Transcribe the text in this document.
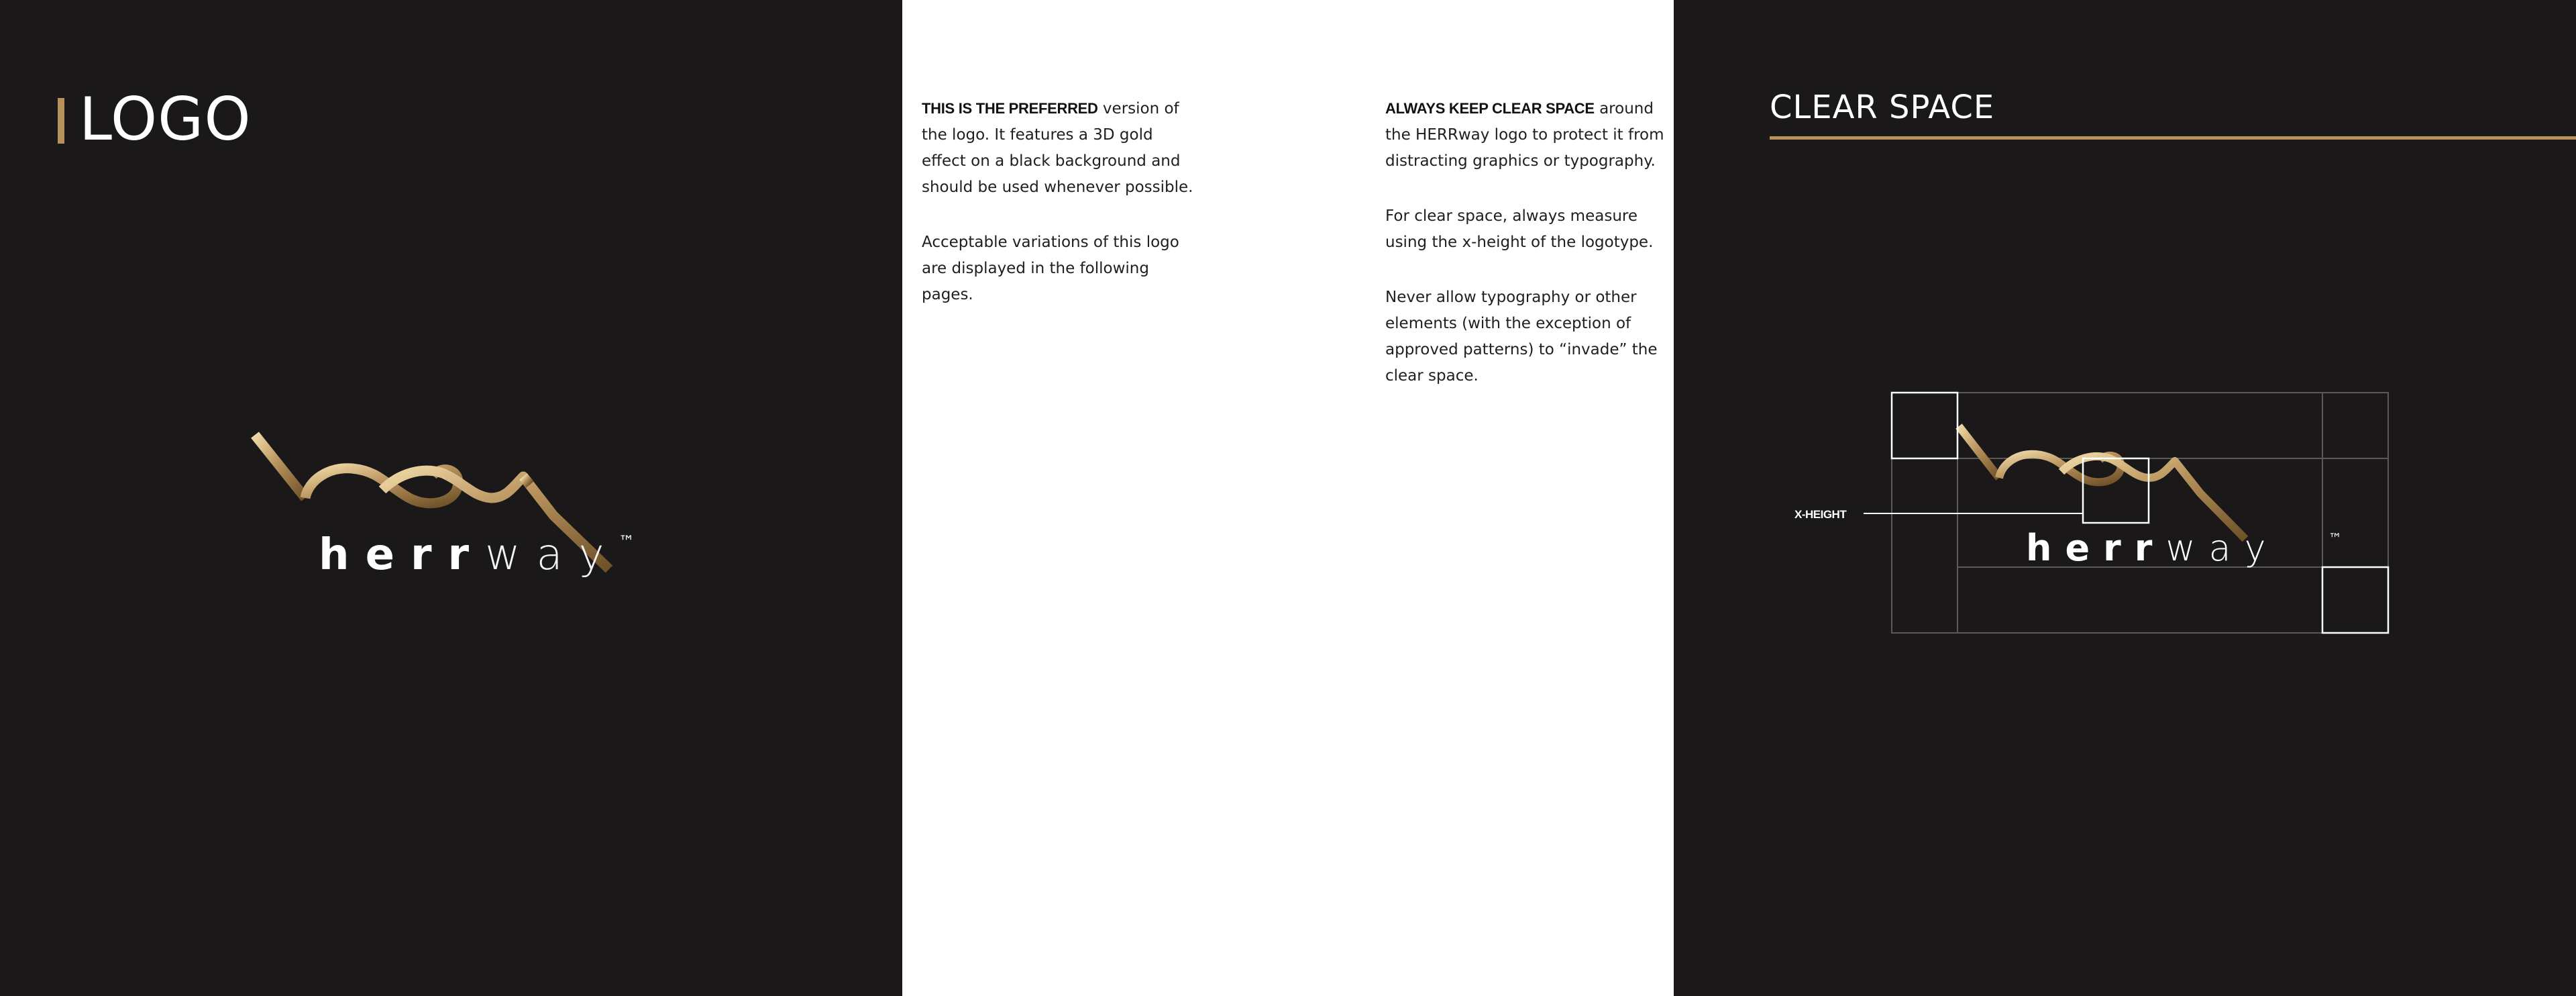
LOGO
herrway
™

THIS IS THE PREFERRED version of the logo. It features a 3D gold effect on a black background and should be used whenever possible.

Acceptable variations of this logo are displayed in the following pages.

ALWAYS KEEP CLEAR SPACE around the HERRway logo to protect it from distracting graphics or typography.

For clear space, always measure using the x-height of the logotype.

Never allow typography or other elements (with the exception of approved patterns) to “invade” the clear space.

CLEAR SPACE
herrway	™
X-HEIGHT
